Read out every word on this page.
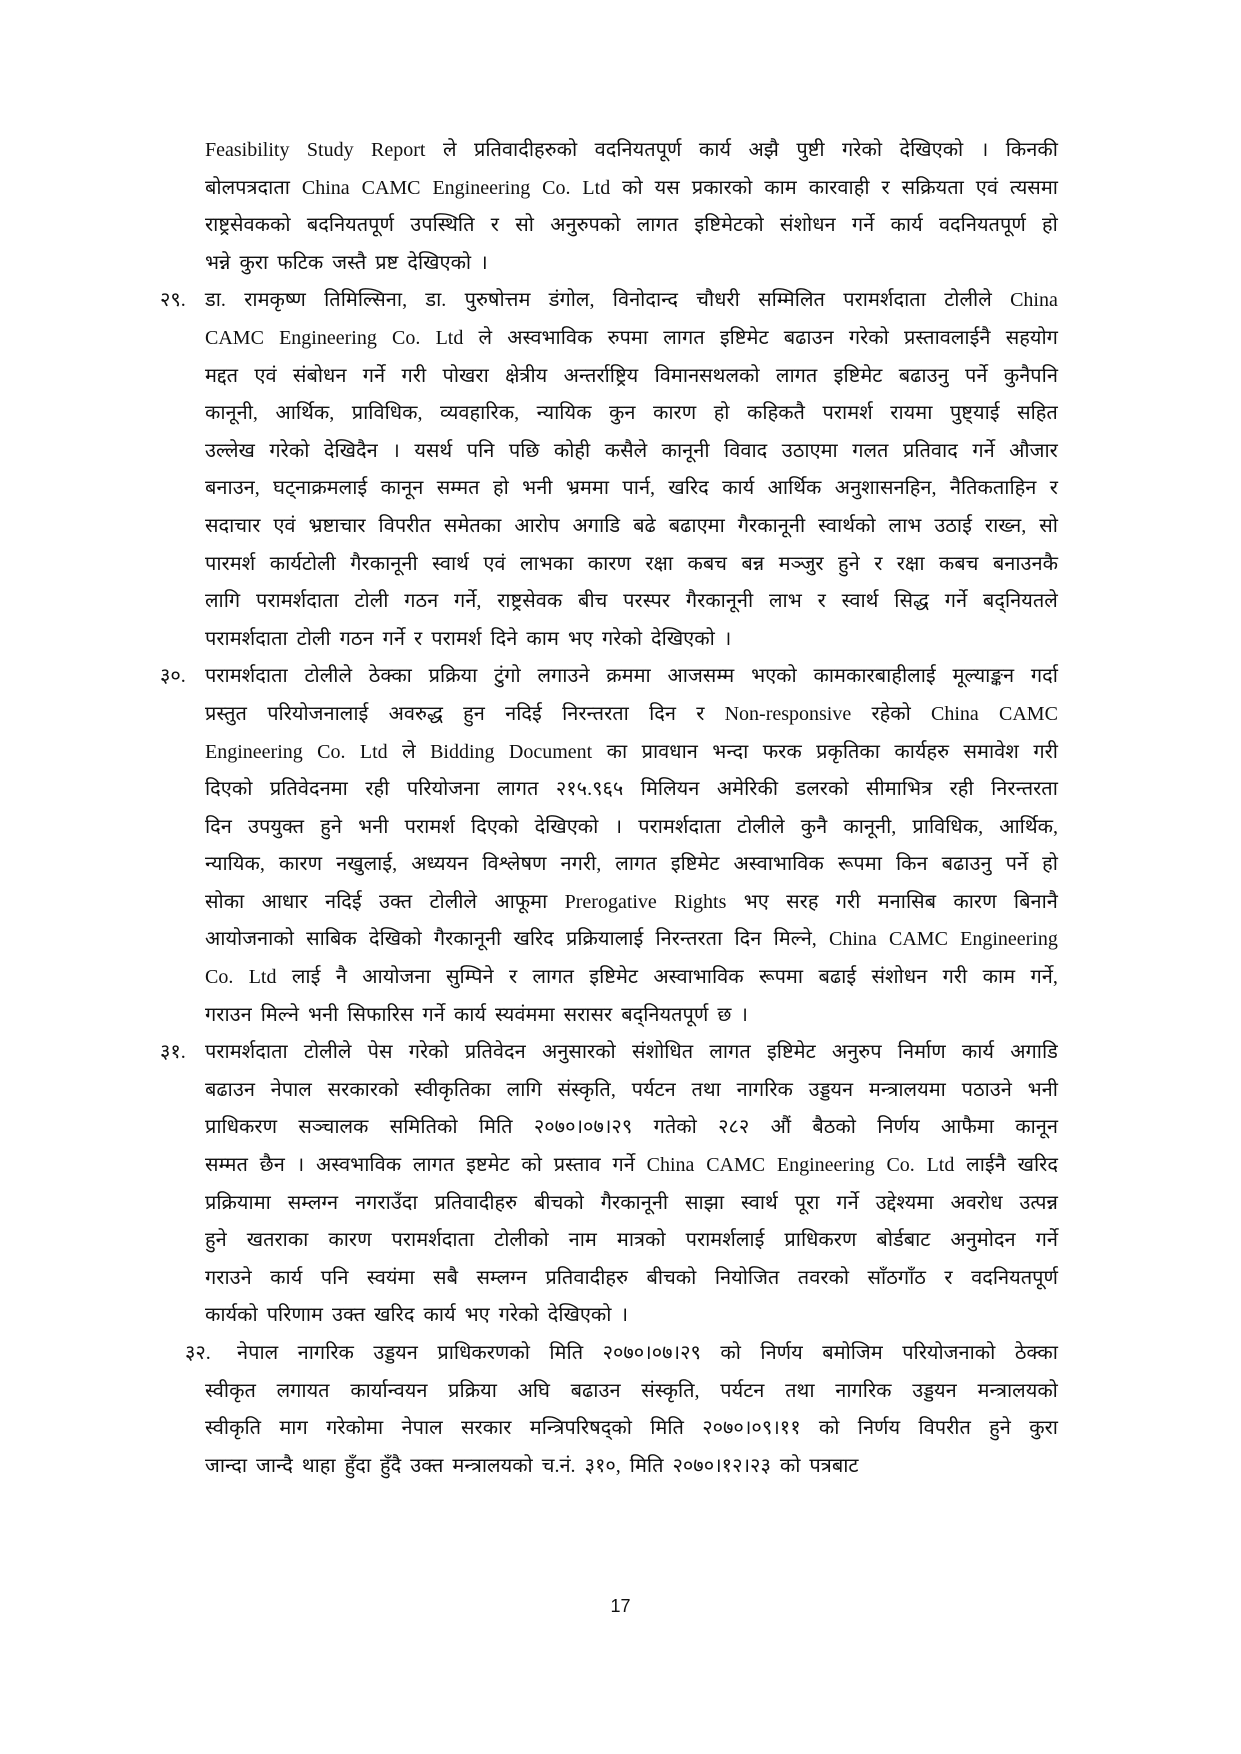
Feasibility Study Report ले प्रतिवादीहरुको वदनियतपूर्ण कार्य अझै पुष्टी गरेको देखिएको । किनकी
बोलपत्रदाता China CAMC Engineering Co. Ltd को यस प्रकारको काम कारवाही र सक्रियता एवं त्यसमा
राष्ट्रसेवकको बदनियतपूर्ण उपस्थिति र सो अनुरुपको लागत इष्टिमेटको संशोधन गर्ने कार्य वदनियतपूर्ण हो
भन्ने कुरा फटिक जस्तै प्रष्ट देखिएको ।
२९. डा. रामकृष्ण तिमिल्सिना, डा. पुरुषोत्तम डंगोल, विनोदान्द चौधरी सम्मिलित परामर्शदाता टोलीले China
CAMC Engineering Co. Ltd ले अस्वभाविक रुपमा लागत इष्टिमेट बढाउन गरेको प्रस्तावलाईनै सहयोग
मद्दत एवं संबोधन गर्ने गरी पोखरा क्षेत्रीय अन्तर्राष्ट्रिय विमानसथलको लागत इष्टिमेट बढाउनु पर्ने कुनैपनि
कानूनी, आर्थिक, प्राविधिक, व्यवहारिक, न्यायिक कुन कारण हो कहिकतै परामर्श रायमा पुष्ट्याई सहित
उल्लेख गरेको देखिदैन । यसर्थ पनि पछि कोही कसैले कानूनी विवाद उठाएमा गलत प्रतिवाद गर्ने औजार
बनाउन, घट्नाक्रमलाई कानून सम्मत हो भनी भ्रममा पार्न, खरिद कार्य आर्थिक अनुशासनहिन, नैतिकताहिन र
सदाचार एवं भ्रष्टाचार विपरीत समेतका आरोप अगाडि बढे बढाएमा गैरकानूनी स्वार्थको लाभ उठाई राख्न, सो
पारमर्श कार्यटोली गैरकानूनी स्वार्थ एवं लाभका कारण रक्षा कबच बन्न मञ्जुर हुने र रक्षा कबच बनाउनकै
लागि परामर्शदाता टोली गठन गर्ने, राष्ट्रसेवक बीच परस्पर गैरकानूनी लाभ र स्वार्थ सिद्ध गर्ने बद्नियतले
परामर्शदाता टोली गठन गर्ने र परामर्श दिने काम भए गरेको देखिएको ।
३०. परामर्शदाता टोलीले ठेक्का प्रक्रिया टुंगो लगाउने क्रममा आजसम्म भएको कामकारबाहीलाई मूल्याङ्कन गर्दा
प्रस्तुत परियोजनालाई अवरुद्ध हुन नदिई निरन्तरता दिन र Non-responsive रहेको China CAMC
Engineering Co. Ltd ले Bidding Document का प्रावधान भन्दा फरक प्रकृतिका कार्यहरु समावेश गरी
दिएको प्रतिवेदनमा रही परियोजना लागत २१५.९६५ मिलियन अमेरिकी डलरको सीमाभित्र रही निरन्तरता
दिन उपयुक्त हुने भनी परामर्श दिएको देखिएको । परामर्शदाता टोलीले कुनै कानूनी, प्राविधिक, आर्थिक,
न्यायिक, कारण नखुलाई, अध्ययन विश्लेषण नगरी, लागत इष्टिमेट अस्वाभाविक रूपमा किन बढाउनु पर्ने हो
सोका आधार नदिई उक्त टोलीले आफूमा Prerogative Rights भए सरह गरी मनासिब कारण बिनानै
आयोजनाको साबिक देखिको गैरकानूनी खरिद प्रक्रियालाई निरन्तरता दिन मिल्ने, China CAMC Engineering
Co. Ltd लाई नै आयोजना सुम्पिने र लागत इष्टिमेट अस्वाभाविक रूपमा बढाई संशोधन गरी काम गर्ने,
गराउन मिल्ने भनी सिफारिस गर्ने कार्य स्यवंममा सरासर बद्नियतपूर्ण छ ।
३१. परामर्शदाता टोलीले पेस गरेको प्रतिवेदन अनुसारको संशोधित लागत इष्टिमेट अनुरुप निर्माण कार्य अगाडि
बढाउन नेपाल सरकारको स्वीकृतिका लागि संस्कृति, पर्यटन तथा नागरिक उड्डयन मन्त्रालयमा पठाउने भनी
प्राधिकरण सञ्चालक समितिको मिति २०७०।०७।२९ गतेको २८२ औं बैठको निर्णय आफैमा कानून
सम्मत छैन । अस्वभाविक लागत इष्टमेट को प्रस्ताव गर्ने China CAMC Engineering Co. Ltd लाईनै खरिद
प्रक्रियामा सम्लग्न नगराउँदा प्रतिवादीहरु बीचको गैरकानूनी साझा स्वार्थ पूरा गर्ने उद्देश्यमा अवरोध उत्पन्न
हुने खतराका कारण परामर्शदाता टोलीको नाम मात्रको परामर्शलाई प्राधिकरण बोर्डबाट अनुमोदन गर्ने
गराउने कार्य पनि स्वयंमा सबै सम्लग्न प्रतिवादीहरु बीचको नियोजित तवरको साँठगाँठ र वदनियतपूर्ण
कार्यको परिणाम उक्त खरिद कार्य भए गरेको देखिएको ।
३२. नेपाल नागरिक उड्डयन प्राधिकरणको मिति २०७०।०७।२९ को निर्णय बमोजिम परियोजनाको ठेक्का
स्वीकृत लगायत कार्यान्वयन प्रक्रिया अघि बढाउन संस्कृति, पर्यटन तथा नागरिक उड्डयन मन्त्रालयको
स्वीकृति माग गरेकोमा नेपाल सरकार मन्त्रिपरिषद्को मिति २०७०।०९।११ को निर्णय विपरीत हुने कुरा
जान्दा जान्दै थाहा हुँदा हुँदै उक्त मन्त्रालयको च.नं. ३१०, मिति २०७०।१२।२३ को पत्रबाट
17
